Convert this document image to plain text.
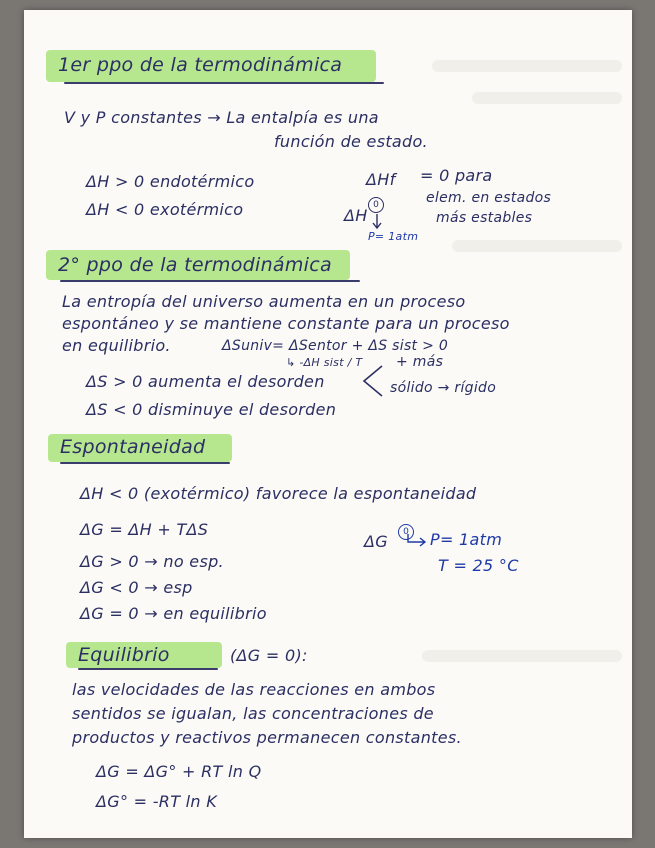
1er ppo de la termodinámica
V y P constantes → La entalpía es una
función de estado.
ΔH > 0 endotérmico
ΔH < 0 exotérmico
ΔHf = 0 para
elem. en estados
más estables
ΔH
0
P= 1atm
2° ppo de la termodinámica
La entropía del universo aumenta en un proceso
espontáneo y se mantiene constante para un proceso
en equilibrio.	ΔSuniv= ΔSentor + ΔS sist > 0
↳ -ΔH sist / T
ΔS > 0 aumenta el desorden
ΔS < 0 disminuye el desorden
+ más
sólido → rígido
Espontaneidad
ΔH < 0 (exotérmico) favorece la espontaneidad
ΔG = ΔH + TΔS
ΔG > 0 → no esp.
ΔG < 0 → esp
ΔG = 0 → en equilibrio
ΔG	0	P= 1atm
T = 25 °C
Equilibrio	(ΔG = 0):
las velocidades de las reacciones en ambos
sentidos se igualan, las concentraciones de
productos y reactivos permanecen constantes.
ΔG = ΔG° + RT ln Q
ΔG° = -RT ln K
